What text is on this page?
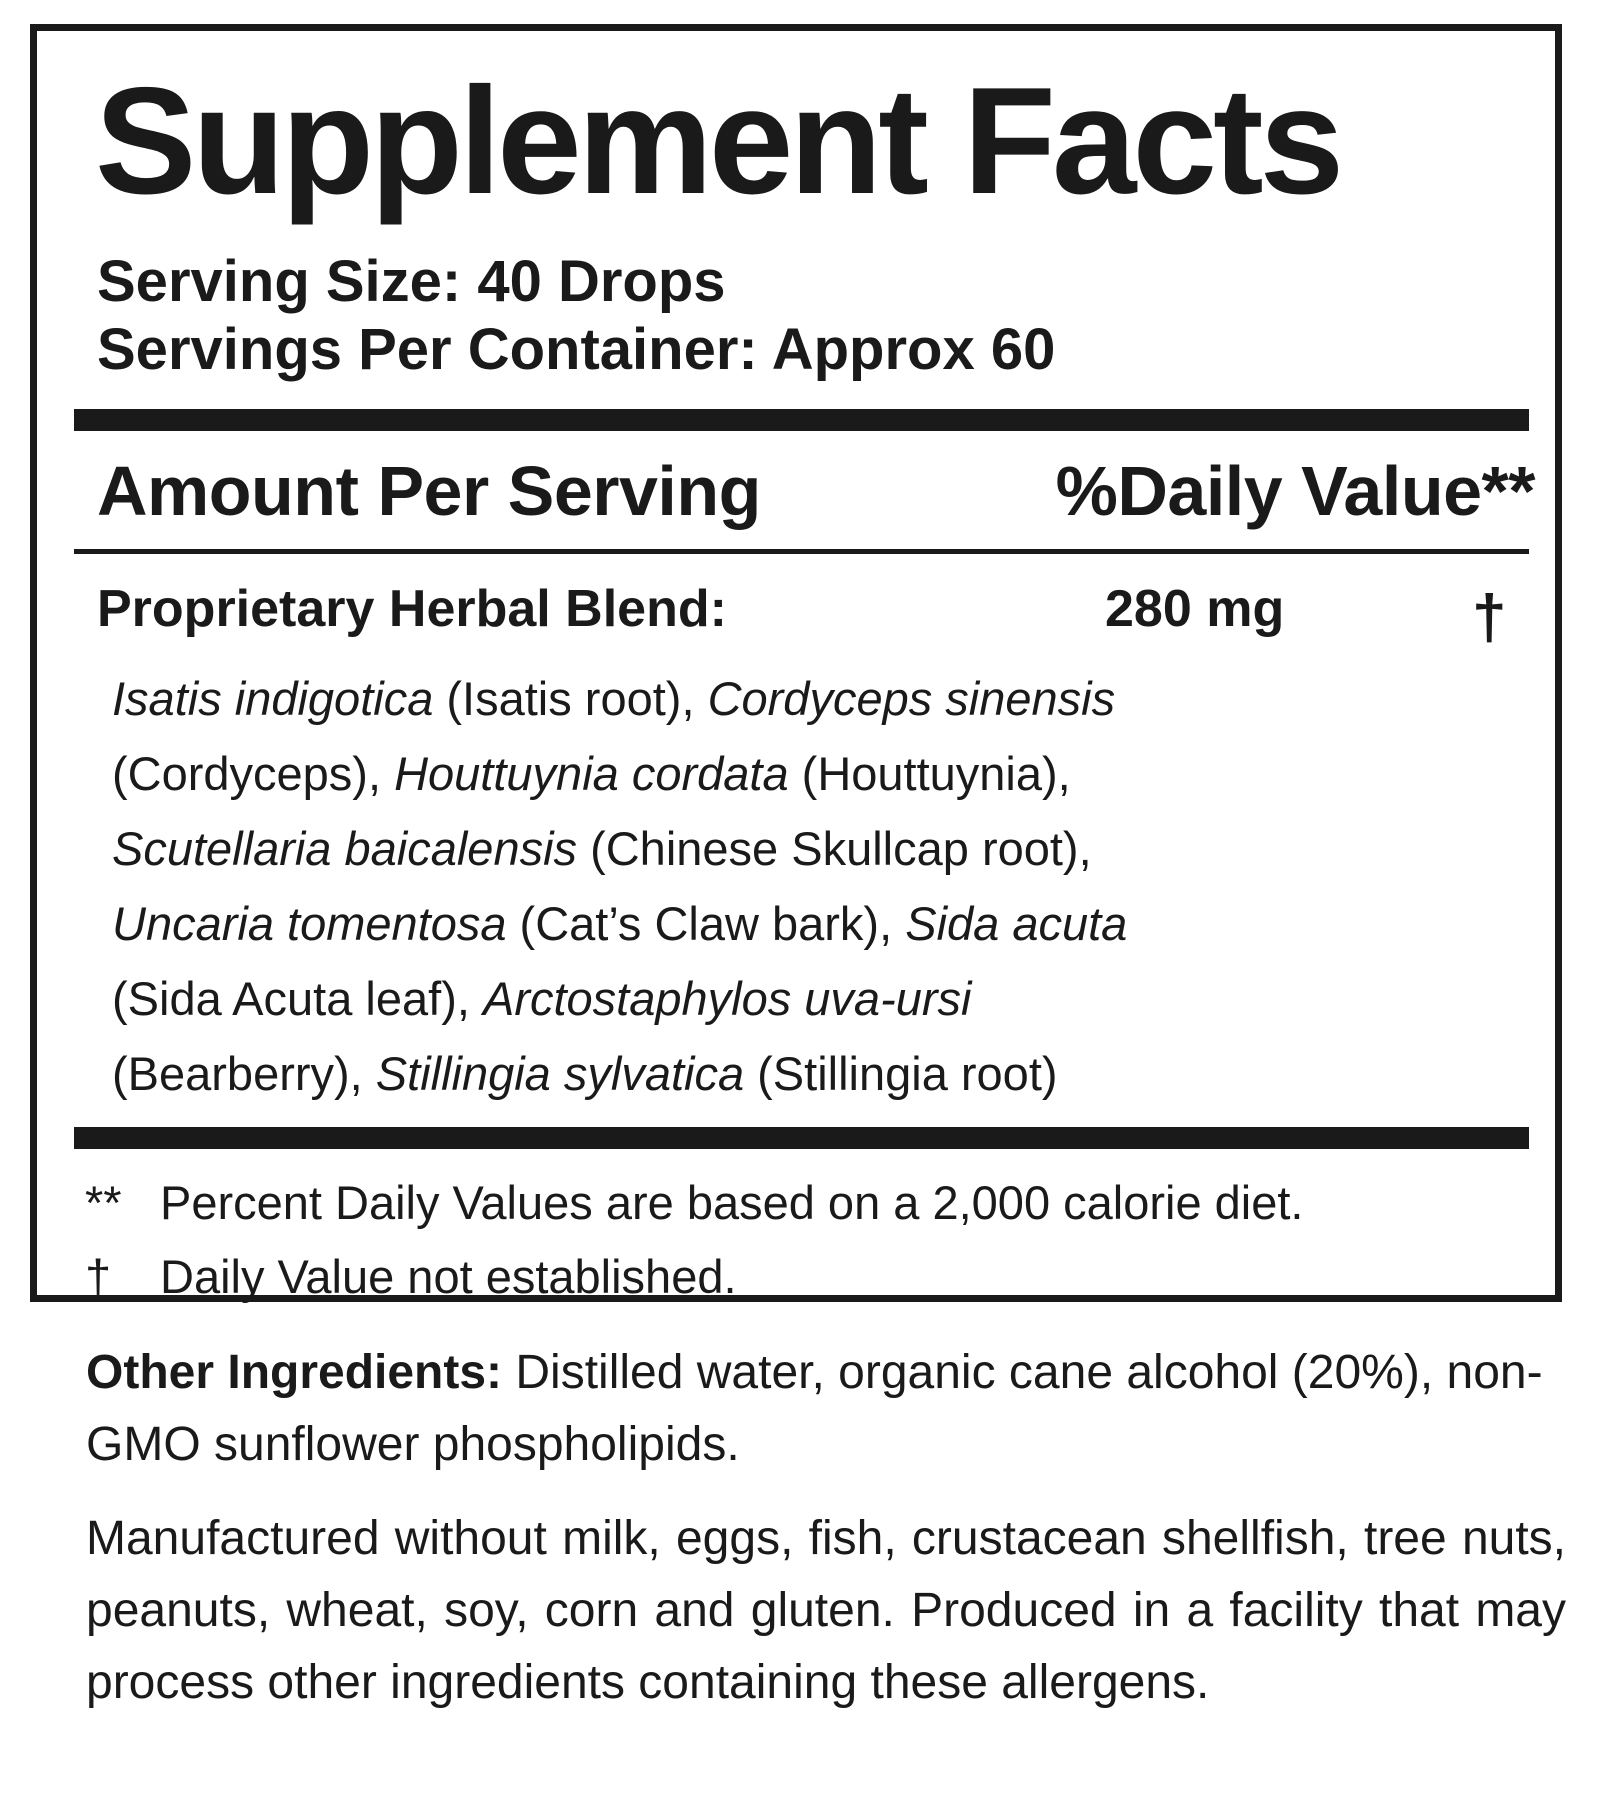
Supplement Facts
Serving Size: 40 Drops
Servings Per Container: Approx 60
Amount Per Serving	%Daily Value**
Proprietary Herbal Blend:	280 mg	†
Isatis indigotica (Isatis root), Cordyceps sinensis
(Cordyceps), Houttuynia cordata (Houttuynia),
Scutellaria baicalensis (Chinese Skullcap root),
Uncaria tomentosa (Cat’s Claw bark), Sida acuta
(Sida Acuta leaf), Arctostaphylos uva-ursi
(Bearberry), Stillingia sylvatica (Stillingia root)
** Percent Daily Values are based on a 2,000 calorie diet.
† Daily Value not established.

Other Ingredients: Distilled water, organic cane alcohol (20%), non-GMO sunflower phospholipids.

Manufactured without milk, eggs, fish, crustacean shellfish, tree nuts, peanuts, wheat, soy, corn and gluten. Produced in a facility that may process other ingredients containing these allergens.
